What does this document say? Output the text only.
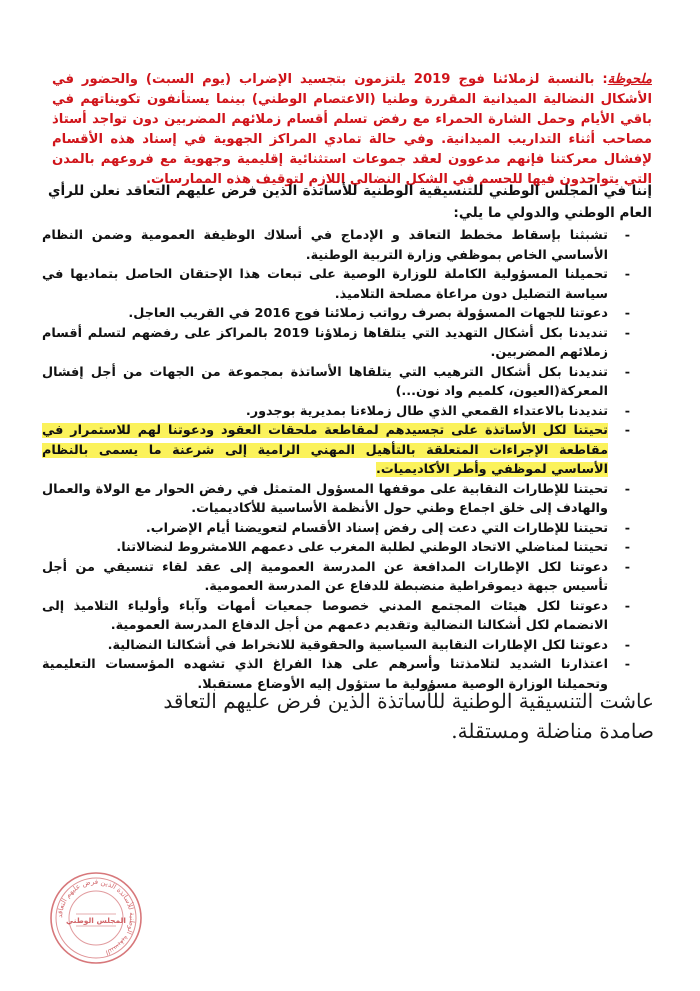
ملحوظة: بالنسبة لزملائنا فوج 2019 يلتزمون بتجسيد الإضراب (يوم السبت) والحضور في الأشكال النضالية الميدانية المقررة وطنيا (الاعتصام الوطني) بينما يستأنفون تكويناتهم في باقي الأيام وحمل الشارة الحمراء مع رفض تسلم أقسام زملائهم المضربين دون تواجد أستاذ مصاحب أثناء التداريب الميدانية. وفي حالة تمادي المراكز الجهوية في إسناد هذه الأقسام لإفشال معركتنا فإنهم مدعوون لعقد جموعات استثنائية إقليمية وجهوية مع فروعهم بالمدن التي يتواجدون فيها للحسم في الشكل النضالي اللازم لتوقيف هذه الممارسات.
إننا في المجلس الوطني للتنسيقية الوطنية للأساتذة الذين فرض عليهم التعاقد نعلن للرأي العام الوطني والدولي ما يلي:
-
تشبثنا بإسقاط مخطط التعاقد و الإدماج في أسلاك الوظيفة العمومية وضمن النظام الأساسي الخاص بموظفي وزارة التربية الوطنية.
-
تحميلنا المسؤولية الكاملة للوزارة الوصية على تبعات هذا الإحتقان الحاصل بتماديها في سياسة التضليل دون مراعاة مصلحة التلاميذ.
-
دعوتنا للجهات المسؤولة بصرف رواتب زملائنا فوج 2016 في القريب العاجل.
-
تنديدنا بكل أشكال التهديد التي يتلقاها زملاؤنا 2019 بالمراكز على رفضهم لتسلم أقسام زملائهم المضربين.
-
تنديدنا بكل أشكال الترهيب التي يتلقاها الأساتذة بمجموعة من الجهات من أجل إفشال المعركة(العيون، كلميم واد نون...)
-
تنديدنا بالاعتداء القمعي الذي طال زملاءنا بمديرية بوجدور.
-
تحيتنا لكل الأساتذة على تجسيدهم لمقاطعة ملحقات العقود ودعوتنا لهم للاستمرار في مقاطعة الإجراءات المتعلقة بالتأهيل المهني الرامية إلى شرعنة ما يسمى بالنظام الأساسي لموظفي وأطر الأكاديميات.
-
تحيتنا للإطارات النقابية على موقفها المسؤول المتمثل في رفض الحوار مع الولاة والعمال والهادف إلى خلق اجماع وطني حول الأنظمة الأساسية للأكاديميات.
-
تحيتنا للإطارات التي دعت إلى رفض إسناد الأقسام لتعويضنا أيام الإضراب.
-
تحيتنا لمناضلي الاتحاد الوطني لطلبة المغرب على دعمهم اللامشروط لنضالاتنا.
-
دعوتنا لكل الإطارات المدافعة عن المدرسة العمومية إلى عقد لقاء تنسيقي من أجل تأسيس جبهة ديموقراطية منضبطة للدفاع عن المدرسة العمومية.
-
دعوتنا لكل هيئات المجتمع المدني خصوصا جمعيات أمهات وآباء وأولياء التلاميذ إلى الانضمام لكل أشكالنا النضالية وتقديم دعمهم من أجل الدفاع المدرسة العمومية.
-
دعوتنا لكل الإطارات النقابية السياسية والحقوقية للانخراط في أشكالنا النضالية.
-
اعتذارنا الشديد لتلامذتنا وأسرهم على هذا الفراغ الذي تشهده المؤسسات التعليمية وتحميلنا الوزارة الوصية مسؤولية ما ستؤول إليه الأوضاع مستقبلا.
عاشت التنسيقية الوطنية للأساتذة الذين فرض عليهم التعاقد صامدة مناضلة ومستقلة.
التنسيقية الوطنية للأساتذة الذين فرض عليهم التعاقد
المجلس الوطني
